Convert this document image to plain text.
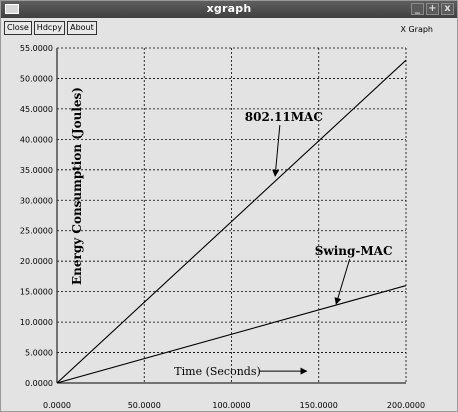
xgraph	_ + x
Close	Hdcpy	About	X Graph
0.0000
5.0000
10.0000
15.0000
20.0000
25.0000
30.0000
35.0000
40.0000
45.0000
50.0000
55.0000
0.0000	50.0000	100.0000	150.0000	200.0000
802.11MAC
Swing-MAC
Time (Seconds)
Energy Consumption (Joules)
